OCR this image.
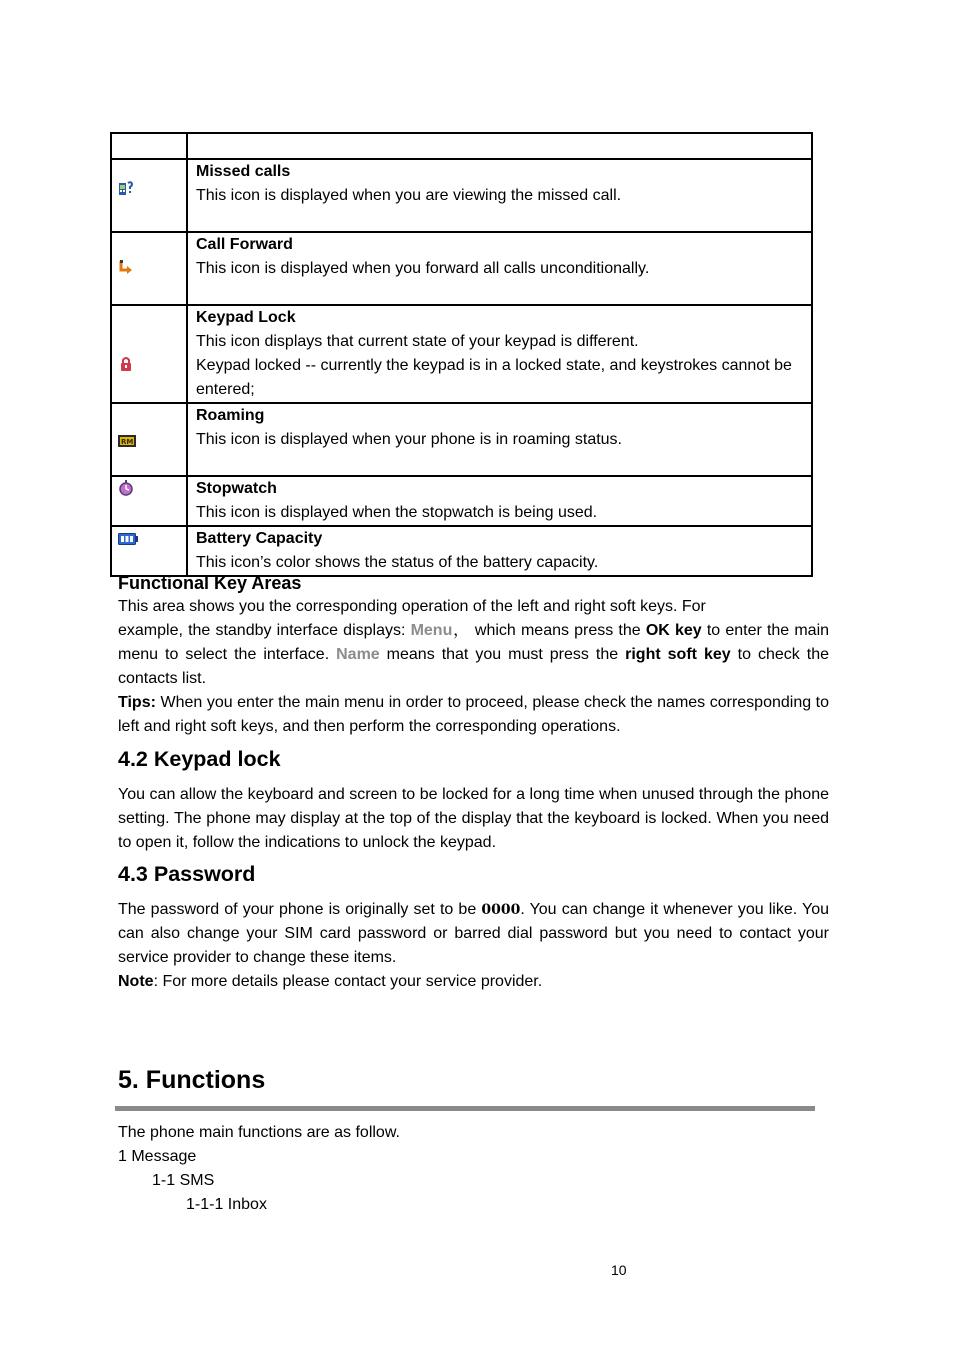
Missed calls
This icon is displayed when you are viewing the missed call.

Call Forward
This icon is displayed when you forward all calls unconditionally.

Keypad Lock
This icon displays that current state of your keypad is different.
Keypad locked -- currently the keypad is in a locked state, and keystrokes cannot be entered;

RM	Roaming
This icon is displayed when your phone is in roaming status.

Stopwatch
This icon is displayed when the stopwatch is being used.

Battery Capacity
This icon’s color shows the status of the battery capacity.
Functional Key Areas
This area shows you the corresponding operation of the left and right soft keys. For

example, the standby interface displays: Menu， which means press the OK key to enter the main menu to select the interface. Name means that you must press the right soft key to check the contacts list.

Tips: When you enter the main menu in order to proceed, please check the names corresponding to left and right soft keys, and then perform the corresponding operations.

4.2 Keypad lock

You can allow the keyboard and screen to be locked for a long time when unused through the phone setting. The phone may display at the top of the display that the keyboard is locked. When you need to open it, follow the indications to unlock the keypad.

4.3 Password

The password of your phone is originally set to be 0000. You can change it whenever you like. You can also change your SIM card password or barred dial password but you need to contact your service provider to change these items.

Note: For more details please contact your service provider.

5. Functions
The phone main functions are as follow.
1 Message
1-1 SMS
1-1-1 Inbox
10
